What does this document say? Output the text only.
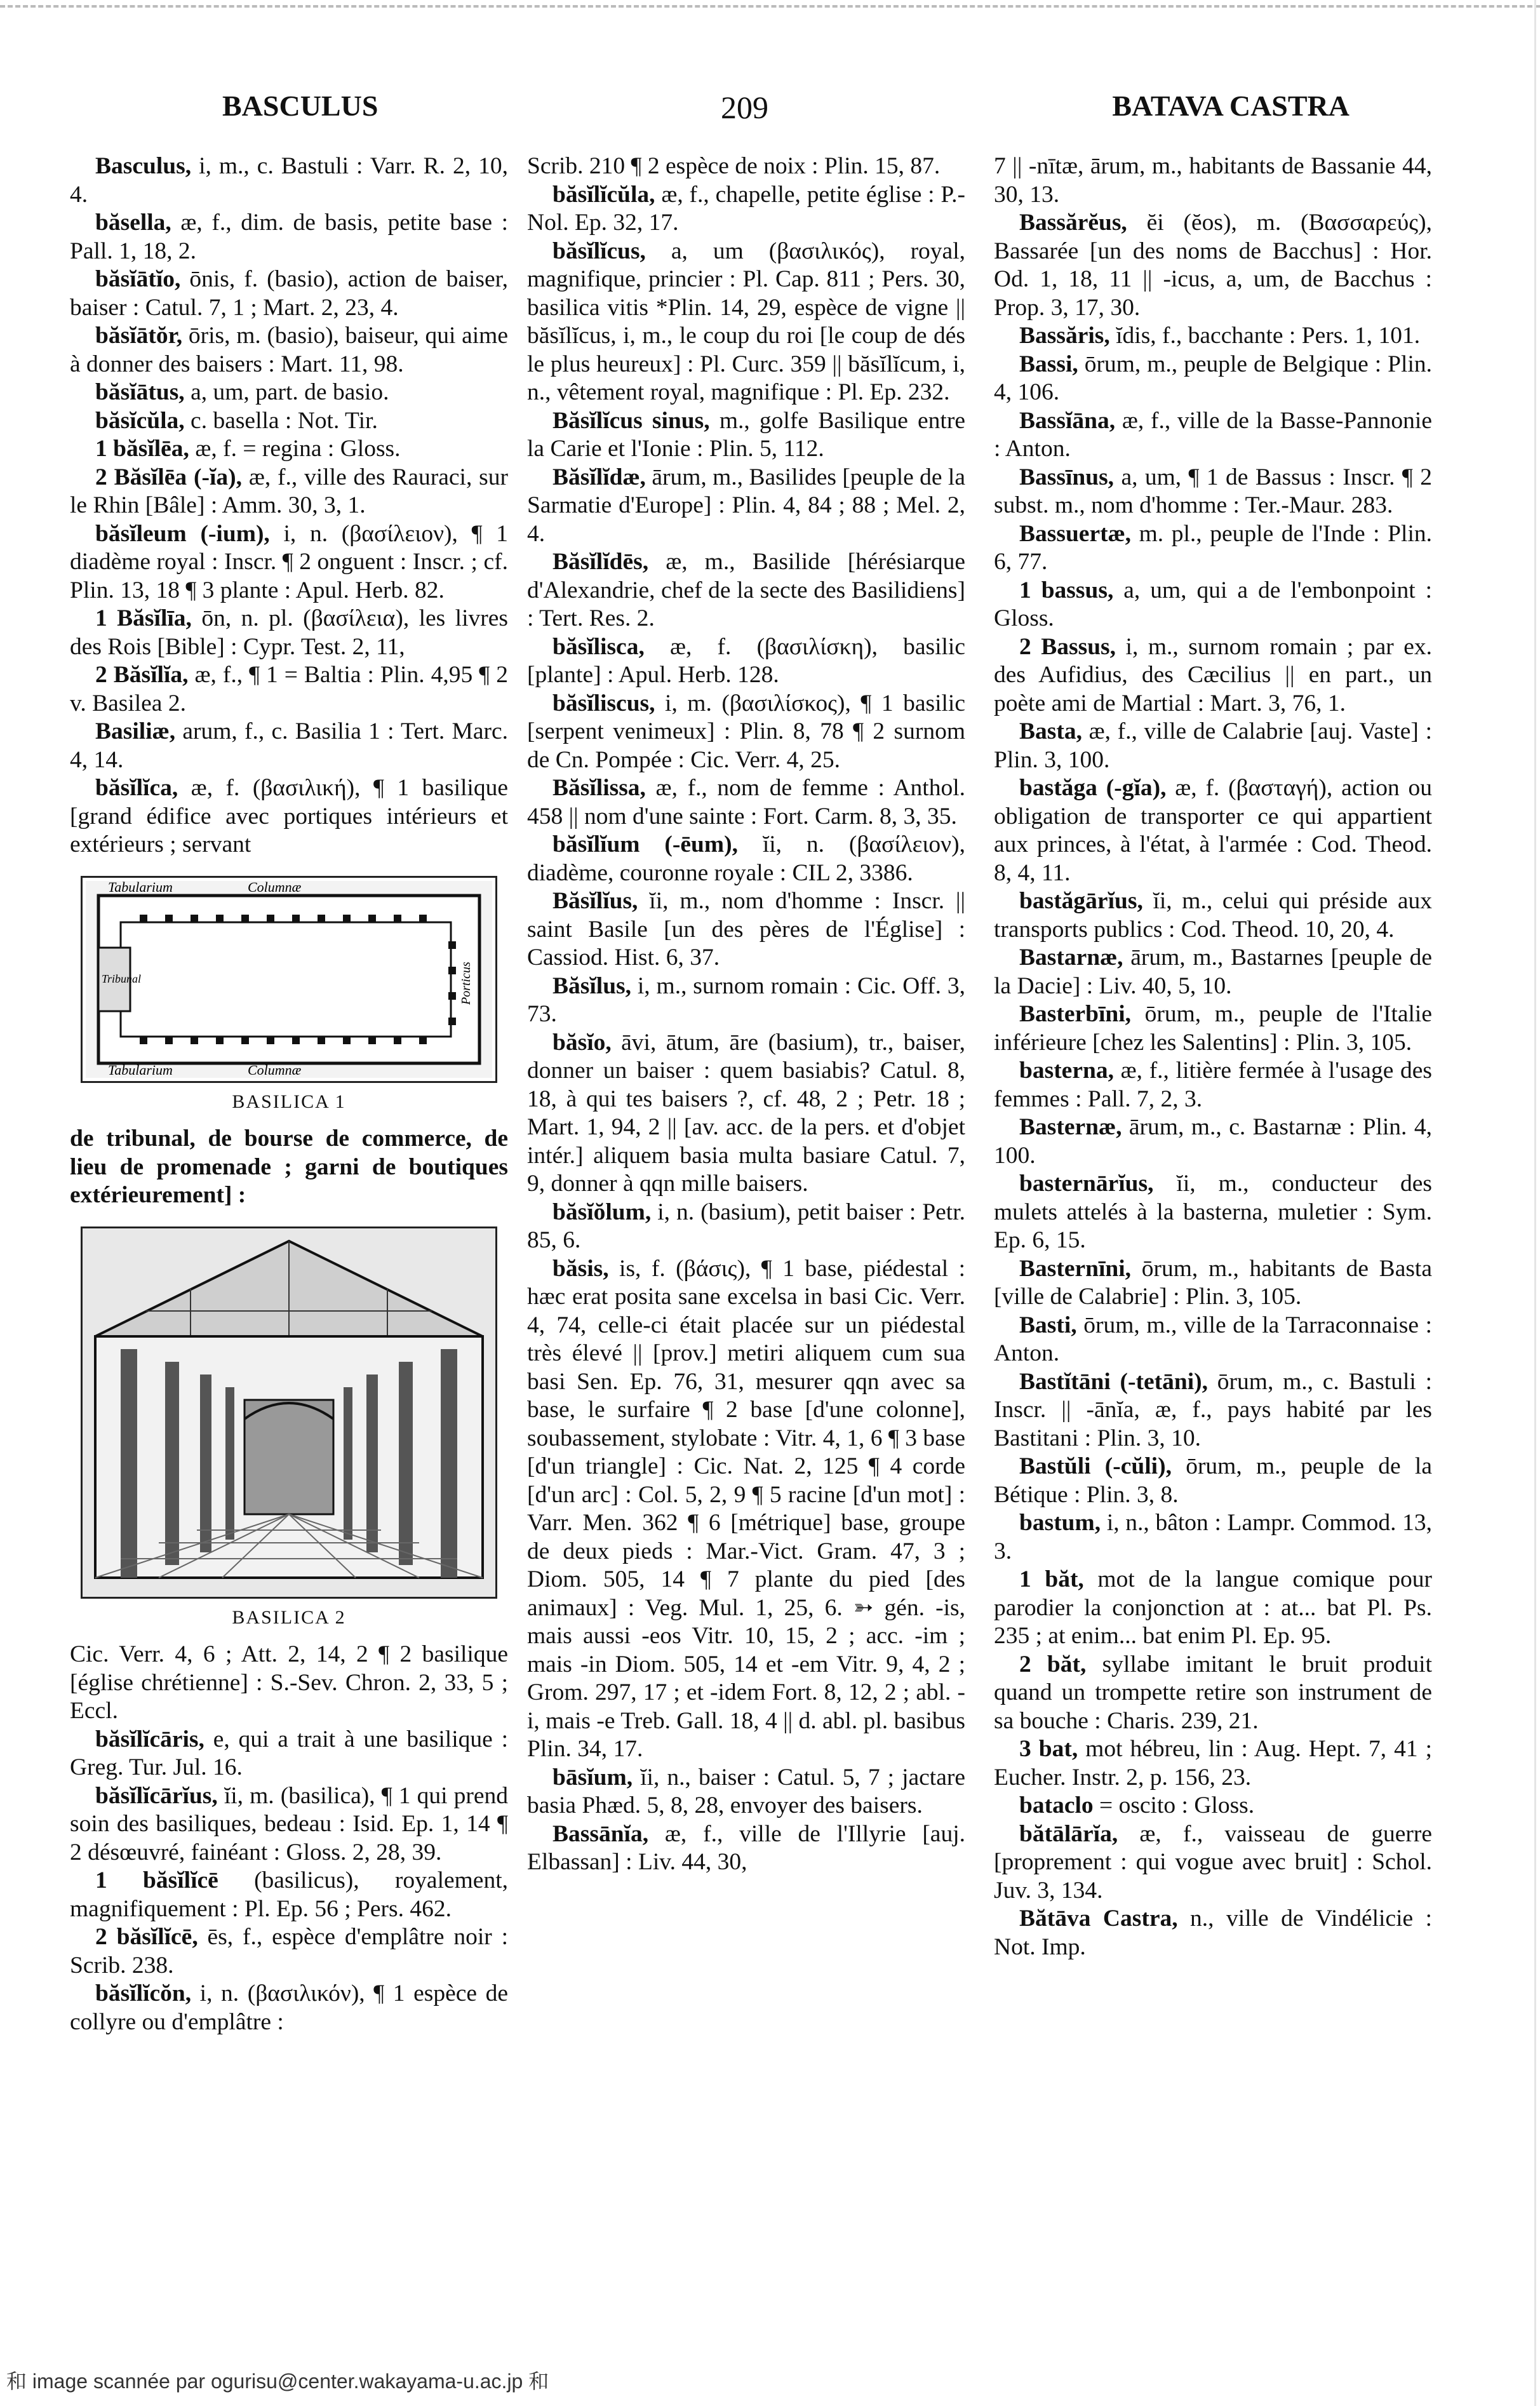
BASCULUS	209	BATAVA CASTRA

Basculus, i, m., c. Bastuli : Varr. R. 2, 10, 4.

băsella, æ, f., dim. de basis, petite base : Pall. 1, 18, 2.

băsĭātĭo, ōnis, f. (basio), action de baiser, baiser : Catul. 7, 1 ; Mart. 2, 23, 4.

băsĭātŏr, ōris, m. (basio), baiseur, qui aime à donner des baisers : Mart. 11, 98.

băsĭātus, a, um, part. de basio.

băsĭcŭla, c. basella : Not. Tir.

1 băsĭlēa, æ, f. = regina : Gloss.

2 Băsĭlēa (-ĭa), æ, f., ville des Rauraci, sur le Rhin [Bâle] : Amm. 30, 3, 1.

băsĭleum (-ium), i, n. (βασίλειον), ¶ 1 diadème royal : Inscr. ¶ 2 onguent : Inscr. ; cf. Plin. 13, 18 ¶ 3 plante : Apul. Herb. 82.

1 Băsĭlīa, ōn, n. pl. (βασίλεια), les livres des Rois [Bible] : Cypr. Test. 2, 11,

2 Băsĭlĭa, æ, f., ¶ 1 = Baltia : Plin. 4,95 ¶ 2 v. Basilea 2.

Basiliæ, arum, f., c. Basilia 1 : Tert. Marc. 4, 14.

băsĭlĭca, æ, f. (βασιλική), ¶ 1 basilique [grand édifice avec portiques intérieurs et extérieurs ; servant

Tabularium	Columnæ
Tribunal	Porticus
Tabularium	Columnæ
BASILICA 1

de tribunal, de bourse de commerce, de lieu de promenade ; garni de boutiques extérieurement] :

BASILICA 2

Cic. Verr. 4, 6 ; Att. 2, 14, 2 ¶ 2 basilique [église chrétienne] : S.-Sev. Chron. 2, 33, 5 ; Eccl.

băsĭlĭcāris, e, qui a trait à une basilique : Greg. Tur. Jul. 16.

băsĭlĭcārĭus, ĭi, m. (basilica), ¶ 1 qui prend soin des basiliques, bedeau : Isid. Ep. 1, 14 ¶ 2 désœuvré, fainéant : Gloss. 2, 28, 39.

1 băsĭlĭcē (basilicus), royalement, magnifiquement : Pl. Ep. 56 ; Pers. 462.

2 băsĭlĭcē, ēs, f., espèce d'emplâtre noir : Scrib. 238.

băsĭlĭcŏn, i, n. (βασιλικόν), ¶ 1 espèce de collyre ou d'emplâtre :

Scrib. 210 ¶ 2 espèce de noix : Plin. 15, 87.

băsĭlĭcŭla, æ, f., chapelle, petite église : P.-Nol. Ep. 32, 17.

băsĭlĭcus, a, um (βασιλικός), royal, magnifique, princier : Pl. Cap. 811 ; Pers. 30, basilica vitis *Plin. 14, 29, espèce de vigne || băsĭlĭcus, i, m., le coup du roi [le coup de dés le plus heureux] : Pl. Curc. 359 || băsĭlĭcum, i, n., vêtement royal, magnifique : Pl. Ep. 232.

Băsĭlĭcus sinus, m., golfe Basilique entre la Carie et l'Ionie : Plin. 5, 112.

Băsĭlĭdæ, ārum, m., Basilides [peuple de la Sarmatie d'Europe] : Plin. 4, 84 ; 88 ; Mel. 2, 4.

Băsĭlĭdēs, æ, m., Basilide [hérésiarque d'Alexandrie, chef de la secte des Basilidiens] : Tert. Res. 2.

băsĭlisca, æ, f. (βασιλίσκη), basilic [plante] : Apul. Herb. 128.

băsĭliscus, i, m. (βασιλίσκος), ¶ 1 basilic [serpent venimeux] : Plin. 8, 78 ¶ 2 surnom de Cn. Pompée : Cic. Verr. 4, 25.

Băsĭlissa, æ, f., nom de femme : Anthol. 458 || nom d'une sainte : Fort. Carm. 8, 3, 35.

băsĭlĭum (-ēum), ĭi, n. (βασίλειον), diadème, couronne royale : CIL 2, 3386.

Băsĭlĭus, ĭi, m., nom d'homme : Inscr. || saint Basile [un des pères de l'Église] : Cassiod. Hist. 6, 37.

Băsĭlus, i, m., surnom romain : Cic. Off. 3, 73.

băsĭo, āvi, ātum, āre (basium), tr., baiser, donner un baiser : quem basiabis? Catul. 8, 18, à qui tes baisers ?, cf. 48, 2 ; Petr. 18 ; Mart. 1, 94, 2 || [av. acc. de la pers. et d'objet intér.] aliquem basia multa basiare Catul. 7, 9, donner à qqn mille baisers.

băsĭŏlum, i, n. (basium), petit baiser : Petr. 85, 6.

băsis, is, f. (βάσις), ¶ 1 base, piédestal : hæc erat posita sane excelsa in basi Cic. Verr. 4, 74, celle-ci était placée sur un piédestal très élevé || [prov.] metiri aliquem cum sua basi Sen. Ep. 76, 31, mesurer qqn avec sa base, le surfaire ¶ 2 base [d'une colonne], soubassement, stylobate : Vitr. 4, 1, 6 ¶ 3 base [d'un triangle] : Cic. Nat. 2, 125 ¶ 4 corde [d'un arc] : Col. 5, 2, 9 ¶ 5 racine [d'un mot] : Varr. Men. 362 ¶ 6 [métrique] base, groupe de deux pieds : Mar.-Vict. Gram. 47, 3 ; Diom. 505, 14 ¶ 7 plante du pied [des animaux] : Veg. Mul. 1, 25, 6. ➳ gén. -is, mais aussi -eos Vitr. 10, 15, 2 ; acc. -im ; mais -in Diom. 505, 14 et -em Vitr. 9, 4, 2 ; Grom. 297, 17 ; et -idem Fort. 8, 12, 2 ; abl. -i, mais -e Treb. Gall. 18, 4 || d. abl. pl. basibus Plin. 34, 17.

bāsĭum, ĭi, n., baiser : Catul. 5, 7 ; jactare basia Phæd. 5, 8, 28, envoyer des baisers.

Bassānĭa, æ, f., ville de l'Illyrie [auj. Elbassan] : Liv. 44, 30,

7 || -nītæ, ārum, m., habitants de Bassanie 44, 30, 13.

Bassărĕus, ĕi (ĕos), m. (Βασσαρεύς), Bassarée [un des noms de Bacchus] : Hor. Od. 1, 18, 11 || -icus, a, um, de Bacchus : Prop. 3, 17, 30.

Bassăris, ĭdis, f., bacchante : Pers. 1, 101.

Bassi, ōrum, m., peuple de Belgique : Plin. 4, 106.

Bassĭāna, æ, f., ville de la Basse-Pannonie : Anton.

Bassīnus, a, um, ¶ 1 de Bassus : Inscr. ¶ 2 subst. m., nom d'homme : Ter.-Maur. 283.

Bassuertæ, m. pl., peuple de l'Inde : Plin. 6, 77.

1 bassus, a, um, qui a de l'embonpoint : Gloss.

2 Bassus, i, m., surnom romain ; par ex. des Aufidius, des Cæcilius || en part., un poète ami de Martial : Mart. 3, 76, 1.

Basta, æ, f., ville de Calabrie [auj. Vaste] : Plin. 3, 100.

bastăga (-gĭa), æ, f. (βασταγή), action ou obligation de transporter ce qui appartient aux princes, à l'état, à l'armée : Cod. Theod. 8, 4, 11.

bastăgārĭus, ĭi, m., celui qui préside aux transports publics : Cod. Theod. 10, 20, 4.

Bastarnæ, ārum, m., Bastarnes [peuple de la Dacie] : Liv. 40, 5, 10.

Basterbīni, ōrum, m., peuple de l'Italie inférieure [chez les Salentins] : Plin. 3, 105.

basterna, æ, f., litière fermée à l'usage des femmes : Pall. 7, 2, 3.

Basternæ, ārum, m., c. Bastarnæ : Plin. 4, 100.

basternārĭus, ĭi, m., conducteur des mulets attelés à la basterna, muletier : Sym. Ep. 6, 15.

Basternīni, ōrum, m., habitants de Basta [ville de Calabrie] : Plin. 3, 105.

Basti, ōrum, m., ville de la Tarraconnaise : Anton.

Bastĭtāni (-tetāni), ōrum, m., c. Bastuli : Inscr. || -ānĭa, æ, f., pays habité par les Bastitani : Plin. 3, 10.

Bastŭli (-cŭli), ōrum, m., peuple de la Bétique : Plin. 3, 8.

bastum, i, n., bâton : Lampr. Commod. 13, 3.

1 băt, mot de la langue comique pour parodier la conjonction at : at... bat Pl. Ps. 235 ; at enim... bat enim Pl. Ep. 95.

2 băt, syllabe imitant le bruit produit quand un trompette retire son instrument de sa bouche : Charis. 239, 21.

3 bat, mot hébreu, lin : Aug. Hept. 7, 41 ; Eucher. Instr. 2, p. 156, 23.

bataclo = oscito : Gloss.

bătālārĭa, æ, f., vaisseau de guerre [proprement : qui vogue avec bruit] : Schol. Juv. 3, 134.

Bătāva Castra, n., ville de Vindélicie : Not. Imp.

和 image scannée par ogurisu@center.wakayama-u.ac.jp 和
